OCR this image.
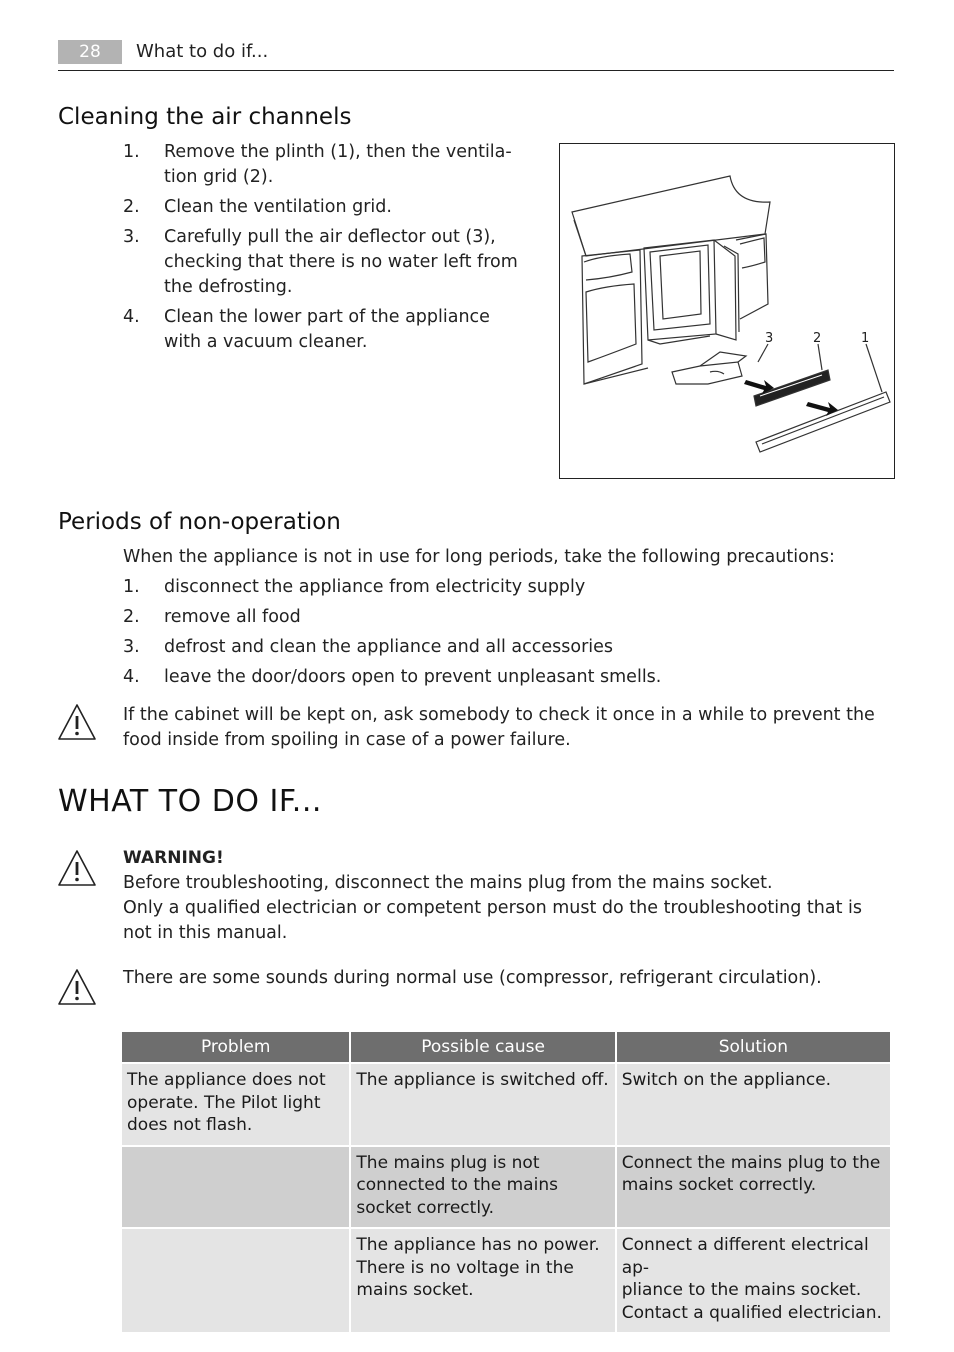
28	What to do if...
Cleaning the air channels
1. Remove the plinth (1), then the ventila-
tion grid (2).
2. Clean the ventilation grid.
3. Carefully pull the air deflector out (3),
checking that there is no water left from
the defrosting.
4. Clean the lower part of the appliance
with a vacuum cleaner.	3	2	1
Periods of non-operation
When the appliance is not in use for long periods, take the following precautions:
1. disconnect the appliance from electricity supply
2. remove all food
3. defrost and clean the appliance and all accessories
4. leave the door/doors open to prevent unpleasant smells.
If the cabinet will be kept on, ask somebody to check it once in a while to prevent the food inside from spoiling in case of a power failure.
WHAT TO DO IF...
WARNING!
Before troubleshooting, disconnect the mains plug from the mains socket.
Only a qualified electrician or competent person must do the troubleshooting that is not in this manual.
There are some sounds during normal use (compressor, refrigerant circulation).
Problem	Possible cause	Solution
The appliance does not operate. The Pilot light does not flash.	The appliance is switched off.	Switch on the appliance.
	The mains plug is not connected to the mains socket correctly.	Connect the mains plug to the mains socket correctly.
	The appliance has no power. There is no voltage in the mains socket.	Connect a different electrical ap-
pliance to the mains socket. Contact a qualified electrician.
